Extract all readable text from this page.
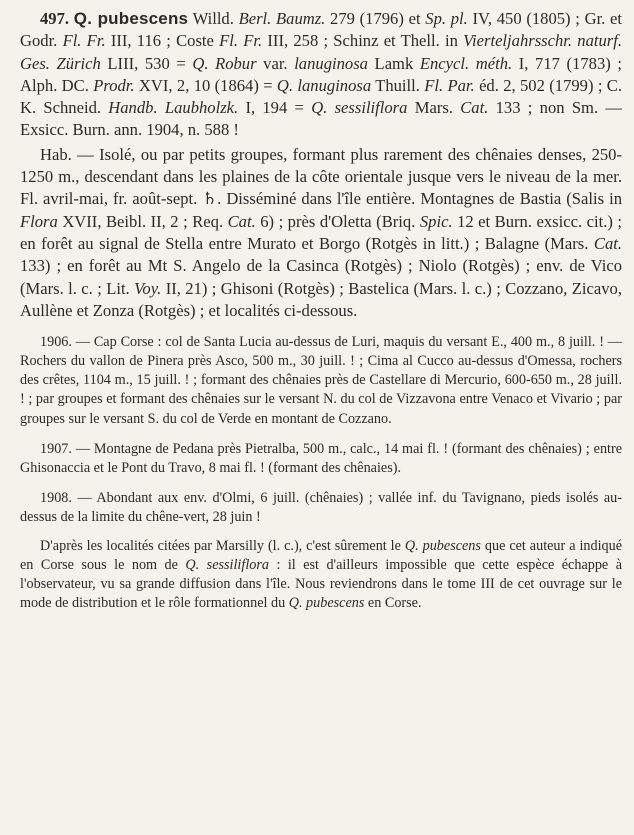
497. Q. pubescens Willd. Berl. Baumz. 279 (1796) et Sp. pl. IV, 450 (1805) ; Gr. et Godr. Fl. Fr. III, 116 ; Coste Fl. Fr. III, 258 ; Schinz et Thell. in Vierteljahrsschr. naturf. Ges. Zürich LIII, 530 = Q. Robur var. lanuginosa Lamk Encycl. méth. I, 717 (1783) ; Alph. DC. Prodr. XVI, 2, 10 (1864) = Q. lanuginosa Thuill. Fl. Par. éd. 2, 502 (1799) ; C. K. Schneid. Handb. Laubholzk. I, 194 = Q. sessiliflora Mars. Cat. 133 ; non Sm. — Exsicc. Burn. ann. 1904, n. 588 !

Hab. — Isolé, ou par petits groupes, formant plus rarement des chênaies denses, 250-1250 m., descendant dans les plaines de la côte orientale jusque vers le niveau de la mer. Fl. avril-mai, fr. août-sept. ♄. Disséminé dans l'île entière. Montagnes de Bastia (Salis in Flora XVII, Beibl. II, 2 ; Req. Cat. 6) ; près d'Oletta (Briq. Spic. 12 et Burn. exsicc. cit.) ; en forêt au signal de Stella entre Murato et Borgo (Rotgès in litt.) ; Balagne (Mars. Cat. 133) ; en forêt au Mt S. Angelo de la Casinca (Rotgès) ; Niolo (Rotgès) ; env. de Vico (Mars. l. c. ; Lit. Voy. II, 21) ; Ghisoni (Rotgès) ; Bastelica (Mars. l. c.) ; Cozzano, Zicavo, Aullène et Zonza (Rotgès) ; et localités ci-dessous.

1906. — Cap Corse : col de Santa Lucia au-dessus de Luri, maquis du versant E., 400 m., 8 juill. ! — Rochers du vallon de Pinera près Asco, 500 m., 30 juill. ! ; Cima al Cucco au-dessus d'Omessa, rochers des crêtes, 1104 m., 15 juill. ! ; formant des chênaies près de Castellare di Mercurio, 600-650 m., 28 juill. ! ; par groupes et formant des chênaies sur le versant N. du col de Vizzavona entre Venaco et Vivario ; par groupes sur le versant S. du col de Verde en montant de Cozzano.

1907. — Montagne de Pedana près Pietralba, 500 m., calc., 14 mai fl. ! (formant des chênaies) ; entre Ghisonaccia et le Pont du Travo, 8 mai fl. ! (formant des chênaies).

1908. — Abondant aux env. d'Olmi, 6 juill. (chênaies) ; vallée inf. du Tavignano, pieds isolés au-dessus de la limite du chêne-vert, 28 juin !

D'après les localités citées par Marsilly (l. c.), c'est sûrement le Q. pubescens que cet auteur a indiqué en Corse sous le nom de Q. sessiliflora : il est d'ailleurs impossible que cette espèce échappe à l'observateur, vu sa grande diffusion dans l'île. Nous reviendrons dans le tome III de cet ouvrage sur le mode de distribution et le rôle formationnel du Q. pubescens en Corse.
